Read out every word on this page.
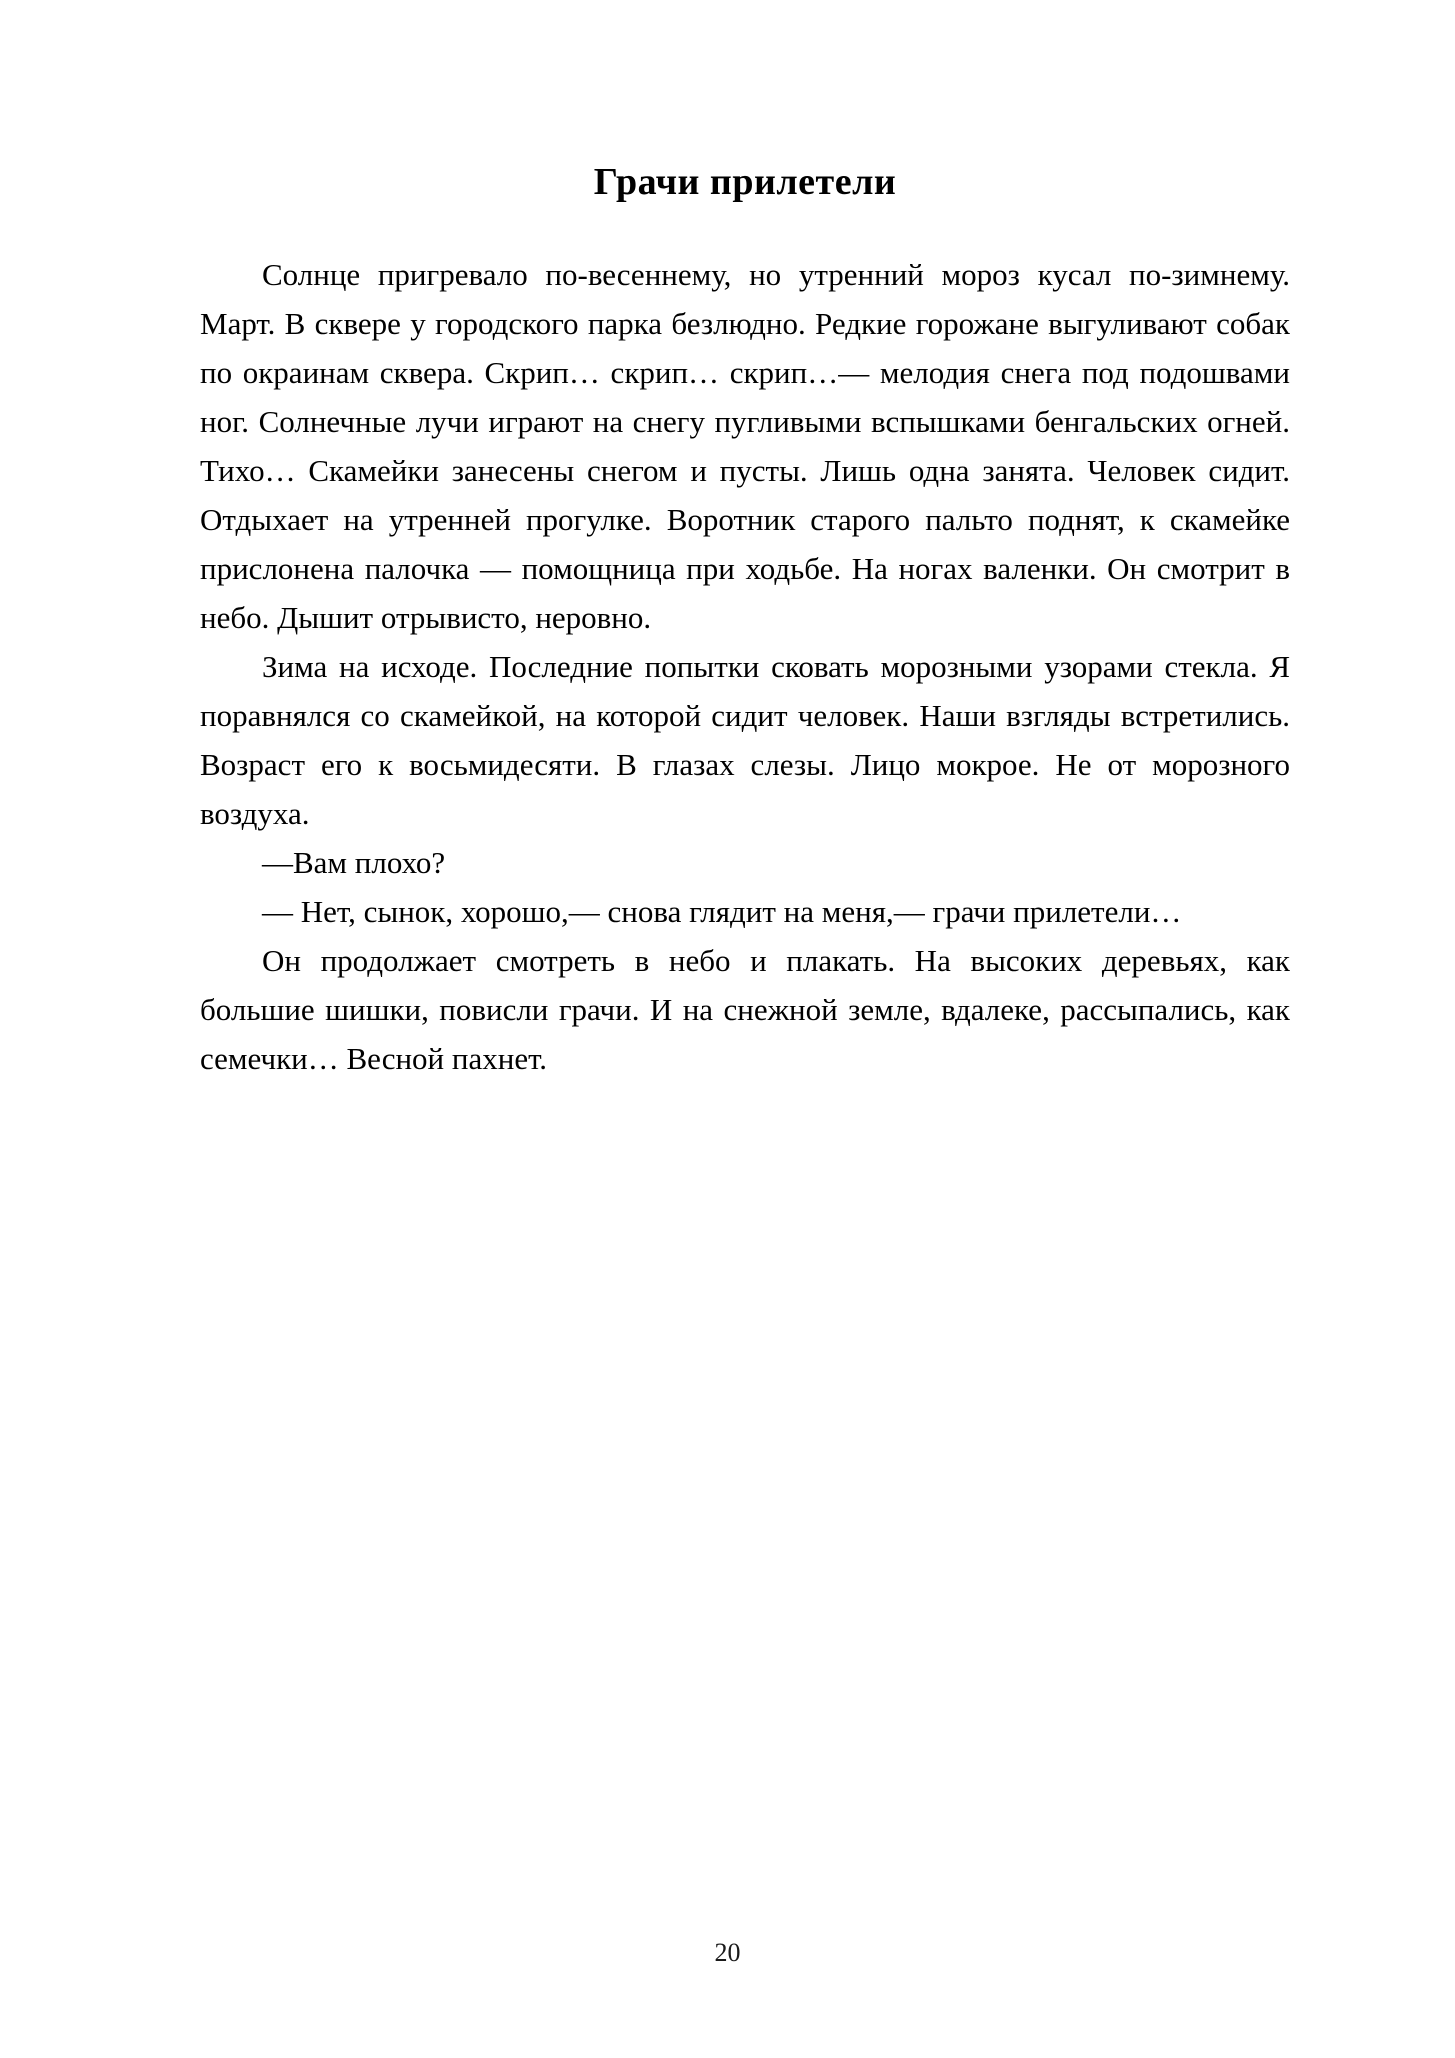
Грачи прилетели

Солнце пригревало по-весеннему, но утренний мороз кусал по-зимнему. Март. В сквере у городского парка безлюдно. Редкие горожане выгуливают собак по окраинам сквера. Скрип… скрип… скрип…— мелодия снега под подошвами ног. Солнечные лучи играют на снегу пугливыми вспышками бенгальских огней. Тихо… Скамейки занесены снегом и пусты. Лишь одна занята. Человек сидит. Отдыхает на утренней прогулке. Воротник старого пальто поднят, к скамейке прислонена палочка — помощница при ходьбе. На ногах валенки. Он смотрит в небо. Дышит отрывисто, неровно.

Зима на исходе. Последние попытки сковать морозными узорами стекла. Я поравнялся со скамейкой, на которой сидит человек. Наши взгляды встретились. Возраст его к восьмидесяти. В глазах слезы. Лицо мокрое. Не от морозного воздуха.

—Вам плохо?

— Нет, сынок, хорошо,— снова глядит на меня,— грачи прилетели…

Он продолжает смотреть в небо и плакать. На высоких деревьях, как большие шишки, повисли грачи. И на снежной земле, вдалеке, рассыпались, как семечки… Весной пахнет.

20
